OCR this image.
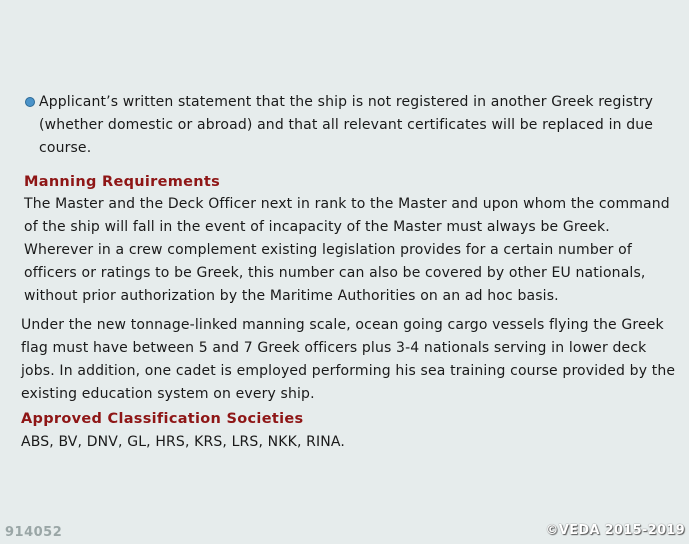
Applicant’s written statement that the ship is not registered in another Greek registry (whether domestic or abroad) and that all relevant certificates will be replaced in due course.
Manning Requirements
The Master and the Deck Officer next in rank to the Master and upon whom the command of the ship will fall in the event of incapacity of the Master must always be Greek. Wherever in a crew complement existing legislation provides for a certain number of officers or ratings to be Greek, this number can also be covered by other EU nationals, without prior authorization by the Maritime Authorities on an ad hoc basis.
Under the new tonnage-linked manning scale, ocean going cargo vessels flying the Greek flag must have between 5 and 7 Greek officers plus 3-4 nationals serving in lower deck jobs. In addition, one cadet is employed performing his sea training course provided by the existing education system on every ship.
Approved Classification Societies
ABS, BV, DNV, GL, HRS, KRS, LRS, NKK, RINA.
914052	©VEDA 2015-2019
